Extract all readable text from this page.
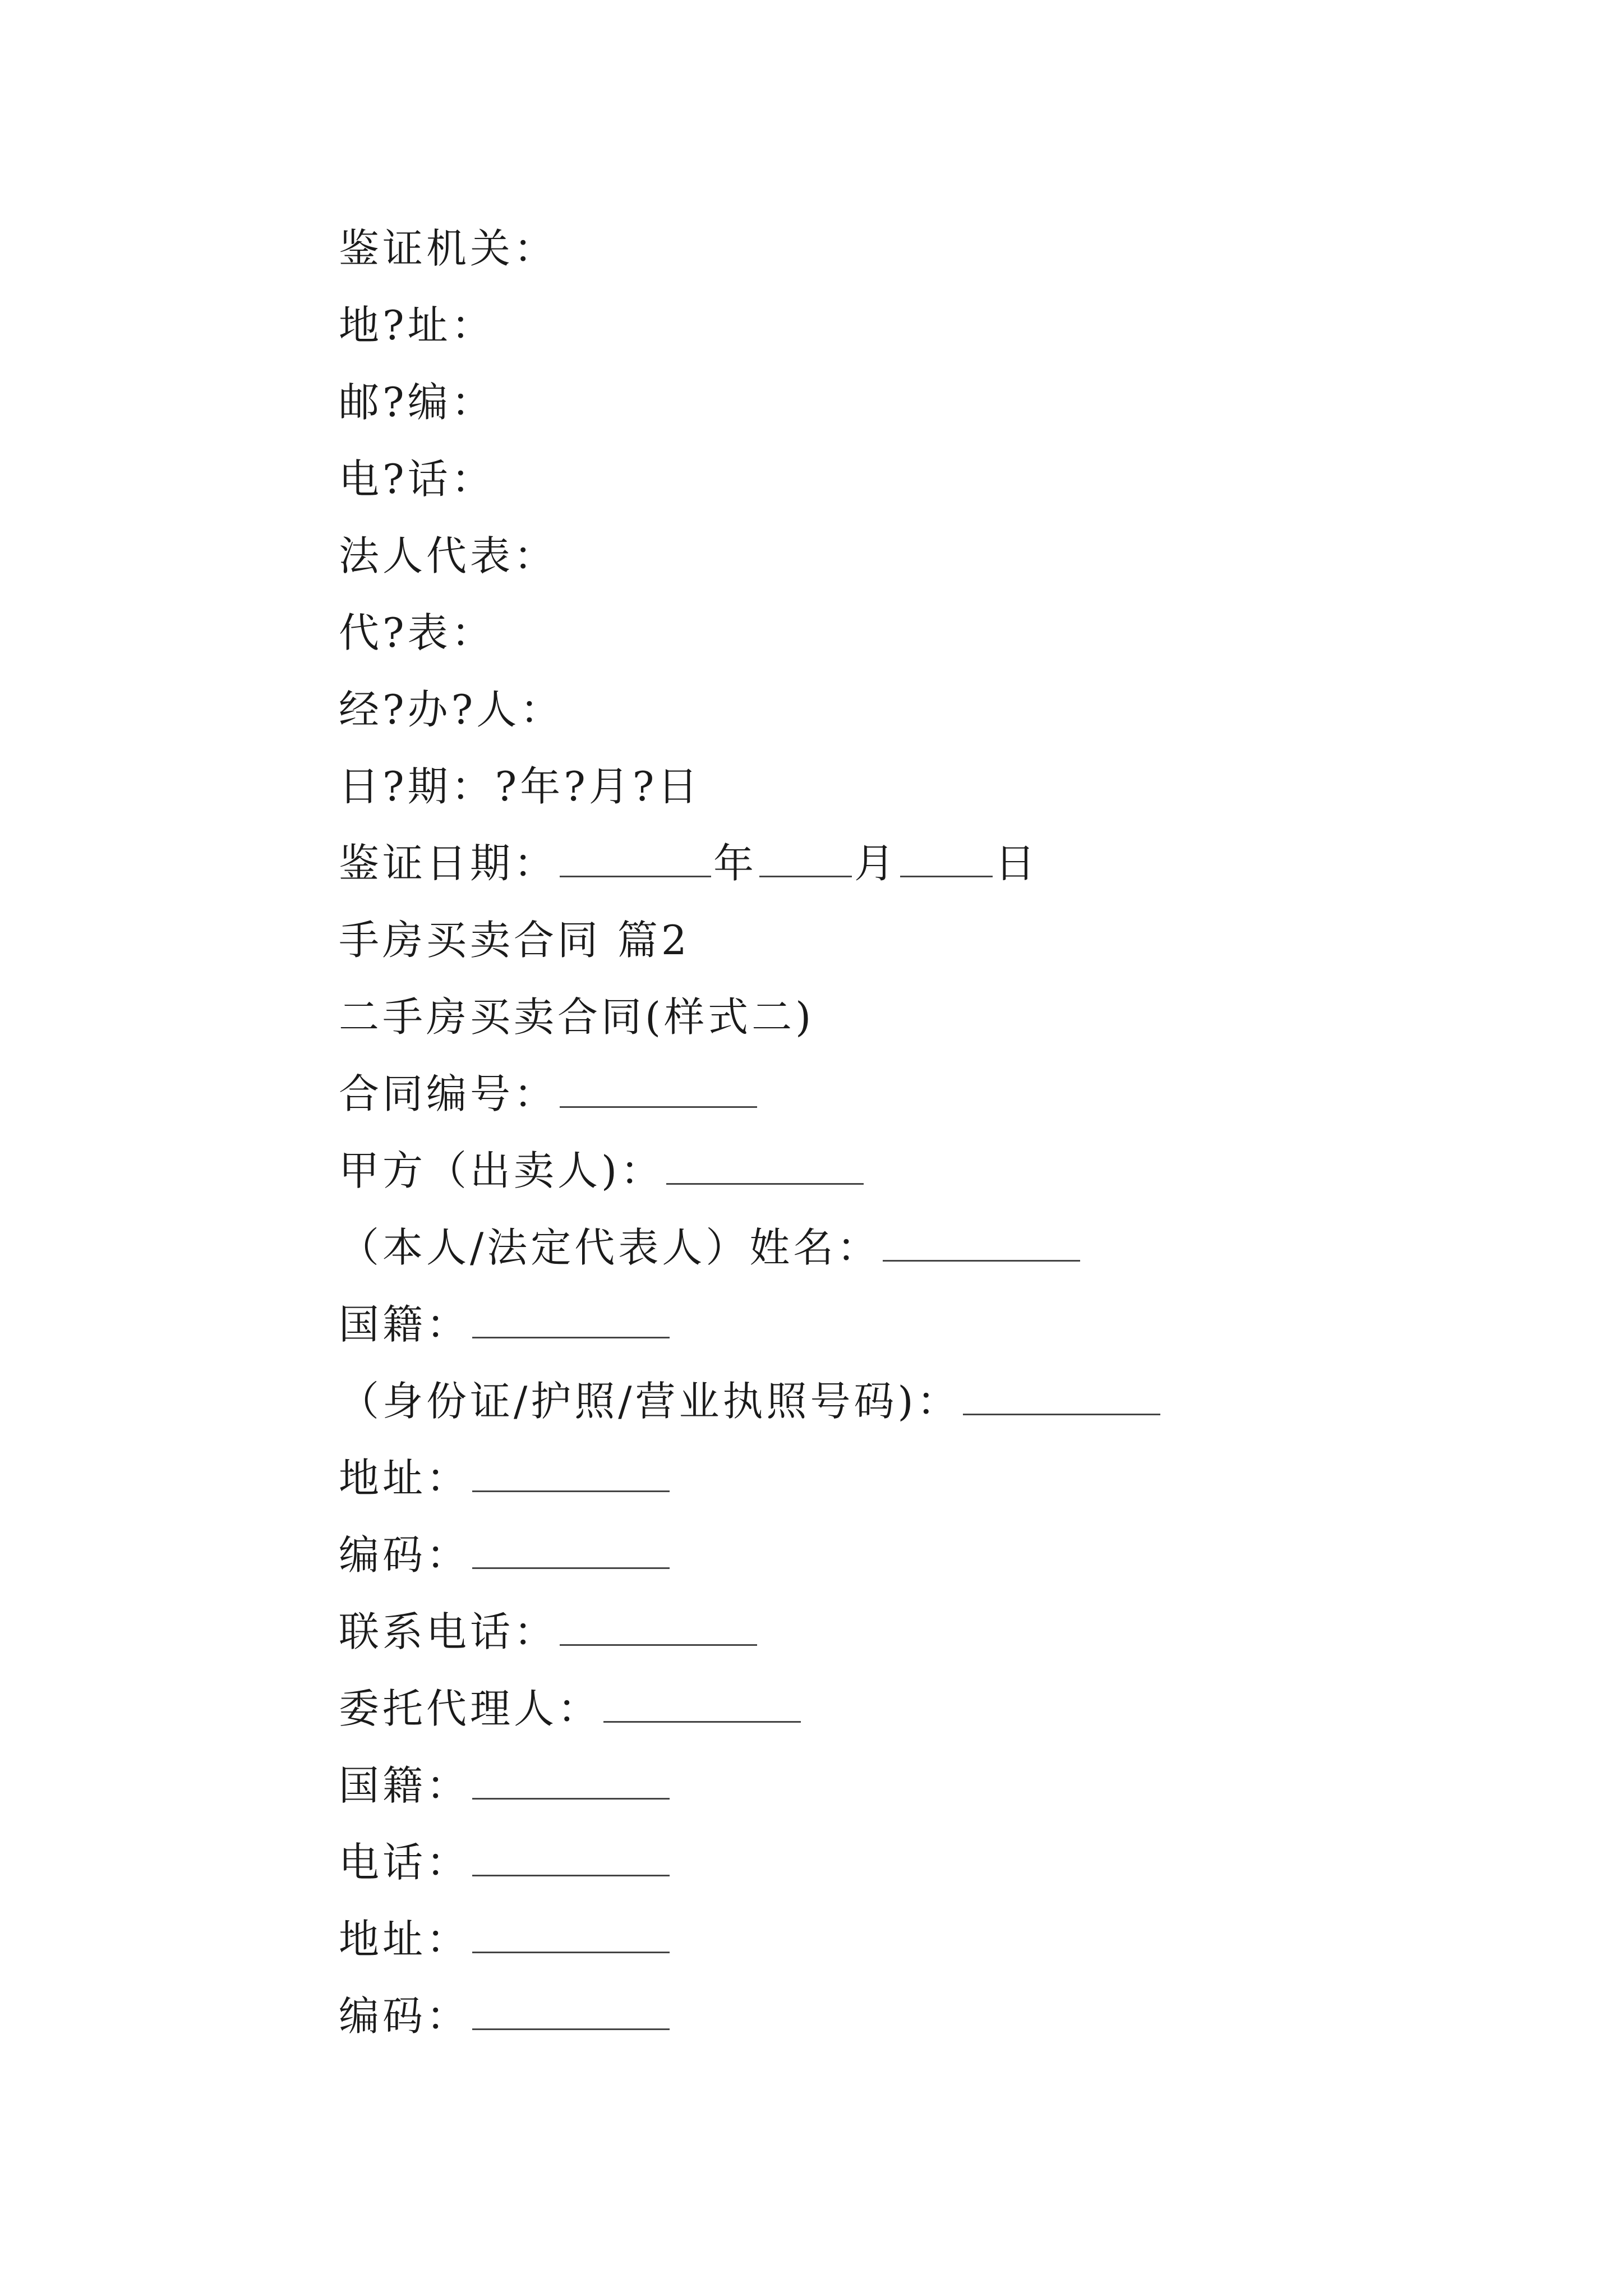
鉴证机关：
地?址：
邮?编：
电?话：
法人代表：
代?表：
经?办?人：
日?期：?年?月?日
鉴证日期：	年 月 日
手房买卖合同 篇2
二手房买卖合同(样式二)
合同编号：
甲方（出卖人)：
（本人/法定代表人）姓名：
国籍：
（身份证/护照/营业执照号码)：
地址：
编码：
联系电话：
委托代理人：
国籍：
电话：
地址：
编码：
